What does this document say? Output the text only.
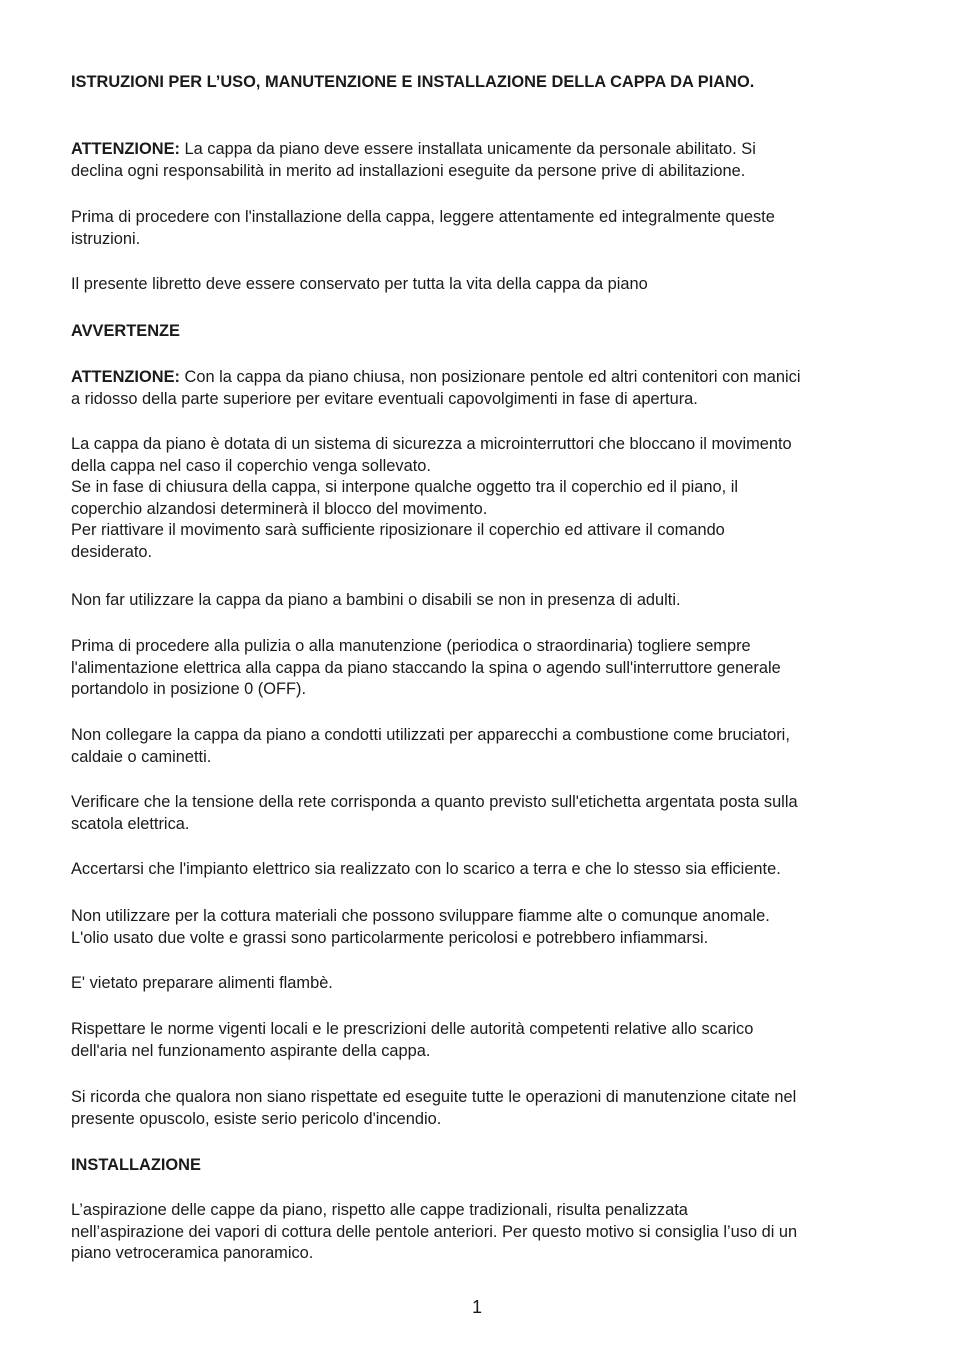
ISTRUZIONI PER L’USO, MANUTENZIONE E INSTALLAZIONE DELLA CAPPA DA PIANO.

ATTENZIONE: La cappa da piano deve essere installata unicamente da personale abilitato. Si
declina ogni responsabilità in merito ad installazioni eseguite da persone prive di abilitazione.

Prima di procedere con l'installazione della cappa, leggere attentamente ed integralmente queste
istruzioni.

Il presente libretto deve essere conservato per tutta la vita della cappa da piano

AVVERTENZE

ATTENZIONE: Con la cappa da piano chiusa, non posizionare pentole ed altri contenitori con manici
a ridosso della parte superiore per evitare eventuali capovolgimenti in fase di apertura.

La cappa da piano è dotata di un sistema di sicurezza a microinterruttori che bloccano il movimento
della cappa nel caso il coperchio venga sollevato.
Se in fase di chiusura della cappa, si interpone qualche oggetto tra il coperchio ed il piano, il
coperchio alzandosi determinerà il blocco del movimento.
Per riattivare il movimento sarà sufficiente riposizionare il coperchio ed attivare il comando
desiderato.

Non far utilizzare la cappa da piano a bambini o disabili se non in presenza di adulti.

Prima di procedere alla pulizia o alla manutenzione (periodica o straordinaria) togliere sempre
l'alimentazione elettrica alla cappa da piano staccando la spina o agendo sull'interruttore generale
portandolo in posizione 0 (OFF).

Non collegare la cappa da piano a condotti utilizzati per apparecchi a combustione come bruciatori,
caldaie o caminetti.

Verificare che la tensione della rete corrisponda a quanto previsto sull'etichetta argentata posta sulla
scatola elettrica.

Accertarsi che l'impianto elettrico sia realizzato con lo scarico a terra e che lo stesso sia efficiente.

Non utilizzare per la cottura materiali che possono sviluppare fiamme alte o comunque anomale.
L'olio usato due volte e grassi sono particolarmente pericolosi e potrebbero infiammarsi.

E' vietato preparare alimenti flambè.

Rispettare le norme vigenti locali e le prescrizioni delle autorità competenti relative allo scarico
dell'aria nel funzionamento aspirante della cappa.

Si ricorda che qualora non siano rispettate ed eseguite tutte le operazioni di manutenzione citate nel
presente opuscolo, esiste serio pericolo d'incendio.

INSTALLAZIONE

L’aspirazione delle cappe da piano, rispetto alle cappe tradizionali, risulta penalizzata
nell’aspirazione dei vapori di cottura delle pentole anteriori. Per questo motivo si consiglia l’uso di un
piano vetroceramica panoramico.

1
